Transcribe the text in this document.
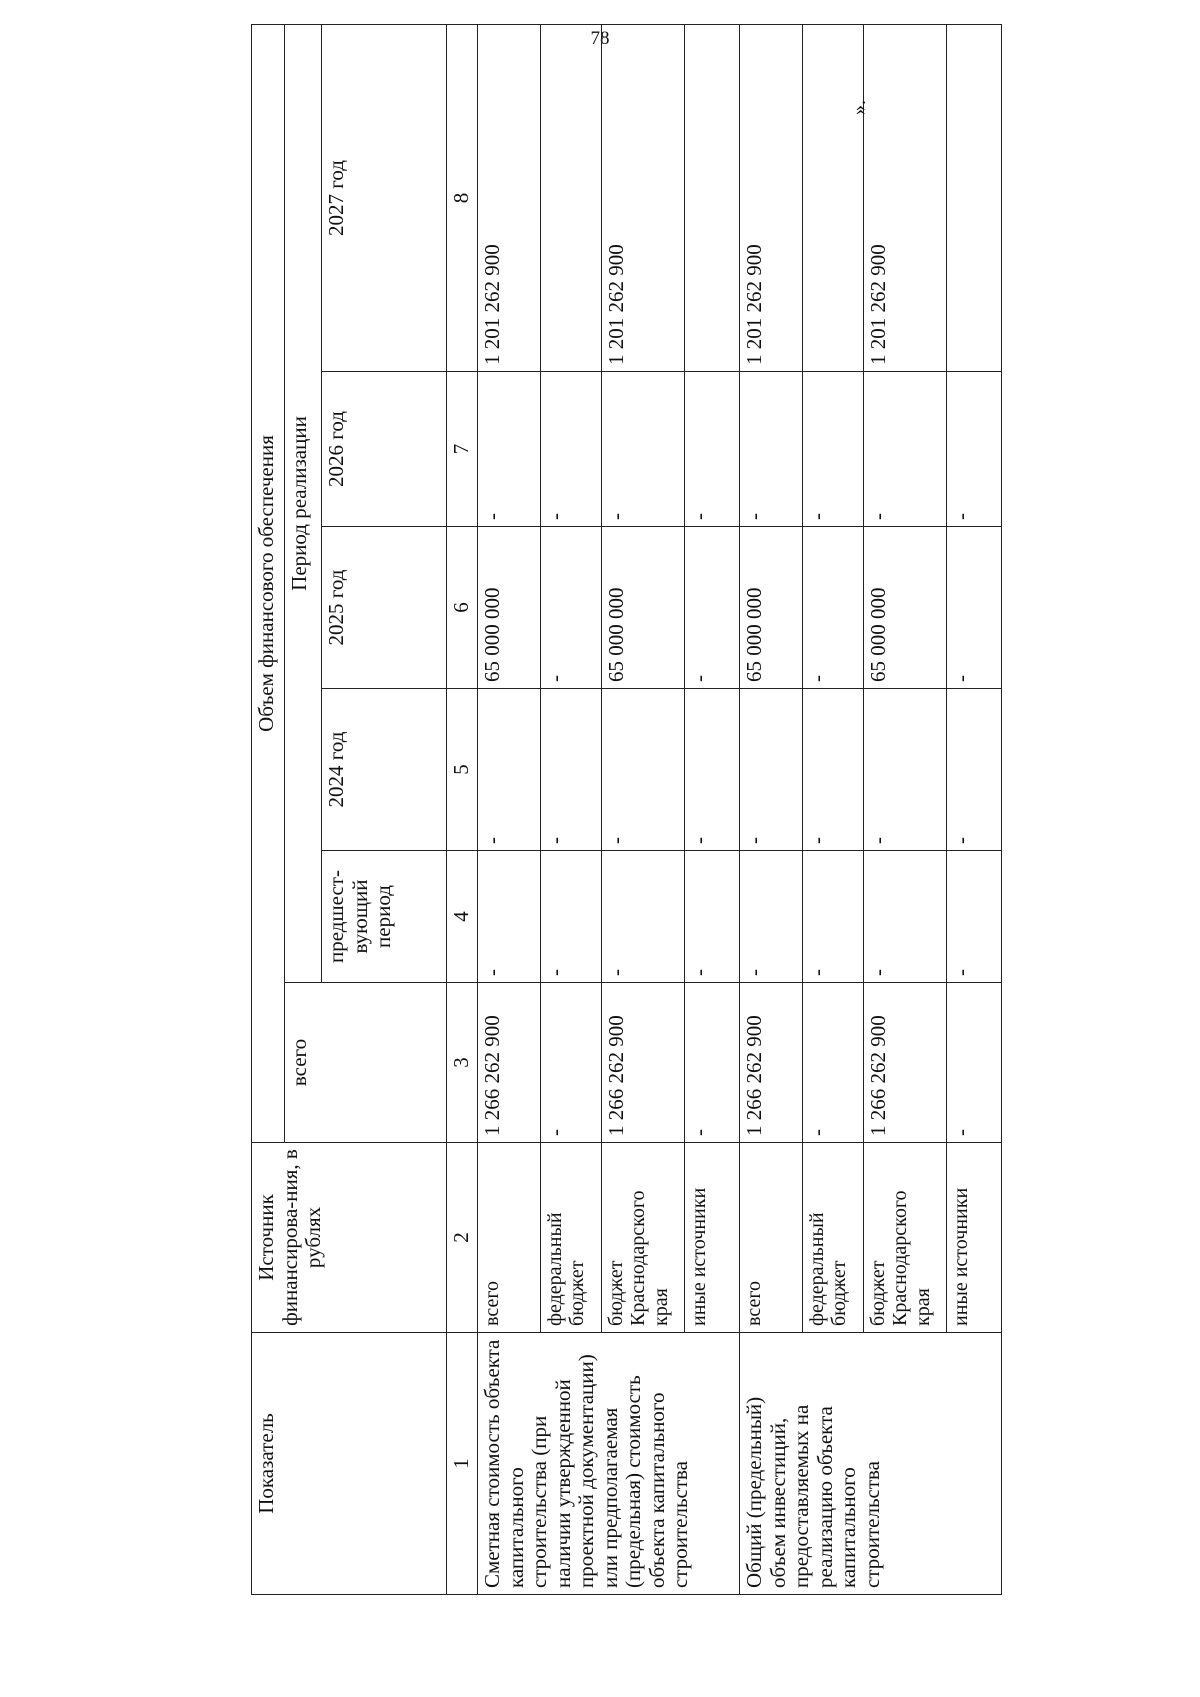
78
Показатель	Источник финансирова-ния, в рублях	Объем финансового обеспечения					
		всего	Период реализации				
			предшест-вующий период	2024 год	2025 год	2026 год	2027 год
1	2	3	4	5	6	7	8
Сметная стоимость объекта капитального строительства (при наличии утвержденной проектной документации) или предполагаемая (предельная) стоимость объекта капитального строительства	всего	1 266 262 900	-	-	65 000 000	-	1 201 262 900
	федеральный бюджет	-	-	-	-	-	
	бюджет Краснодарского края	1 266 262 900	-	-	65 000 000	-	1 201 262 900
	иные источники	-	-	-	-	-	
Общий (предельный) объем инвестиций, предоставляемых на реализацию объекта капитального строительства	всего	1 266 262 900	-	-	65 000 000	-	1 201 262 900
	федеральный бюджет	-	-	-	-	-	
	бюджет Краснодарского края	1 266 262 900	-	-	65 000 000	-	1 201 262 900
	иные источники	-	-	-	-	-	
».
